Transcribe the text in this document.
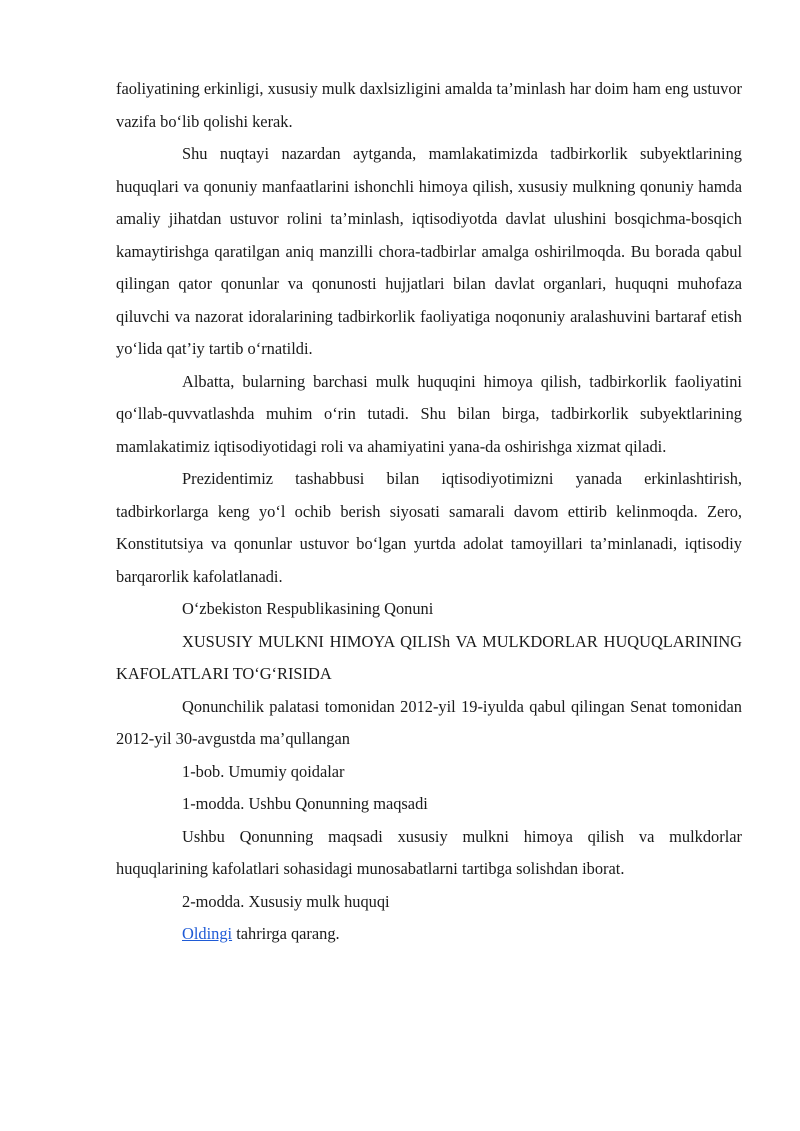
faoliyatining erkinligi, xususiy mulk daxlsizligini amalda ta’minlash har doim ham eng ustuvor vazifa bo‘lib qolishi kerak.

Shu nuqtayi nazardan aytganda, mamlakatimizda tadbirkorlik subyektlarining huquqlari va qonuniy manfaatlarini ishonchli himoya qilish, xususiy mulkning qonuniy hamda amaliy jihatdan ustuvor rolini ta’minlash, iqtisodiyotda davlat ulushini bosqichma-bosqich kamaytirishga qaratilgan aniq manzilli chora-tadbirlar amalga oshirilmoqda. Bu borada qabul qilingan qator qonunlar va qonunosti hujjatlari bilan davlat organlari, huquqni muhofaza qiluvchi va nazorat idoralarining tadbirkorlik faoliyatiga noqonuniy aralashuvini bartaraf etish yo‘lida qat’iy tartib o‘rnatildi.

Albatta, bularning barchasi mulk huquqini himoya qilish, tadbirkorlik faoliyatini qo‘llab-quvvatlashda muhim o‘rin tutadi. Shu bilan birga, tadbirkorlik subyektlarining mamlakatimiz iqtisodiyotidagi roli va ahamiyatini yana-da oshirishga xizmat qiladi.

Prezidentimiz tashabbusi bilan iqtisodiyotimizni yanada erkinlashtirish, tadbirkorlarga keng yo‘l ochib berish siyosati samarali davom ettirib kelinmoqda. Zero, Konstitutsiya va qonunlar ustuvor bo‘lgan yurtda adolat tamoyillari ta’minlanadi, iqtisodiy barqarorlik kafolatlanadi.

O‘zbekiston Respublikasining Qonuni

XUSUSIY MULKNI HIMOYA QILISh VA MULKDORLAR HUQUQLARINING KAFOLATLARI TO‘G‘RISIDA

Qonunchilik palatasi tomonidan 2012-yil 19-iyulda qabul qilingan Senat tomonidan 2012-yil 30-avgustda ma’qullangan

1-bob. Umumiy qoidalar

1-modda. Ushbu Qonunning maqsadi

Ushbu Qonunning maqsadi xususiy mulkni himoya qilish va mulkdorlar huquqlarining kafolatlari sohasidagi munosabatlarni tartibga solishdan iborat.

2-modda. Xususiy mulk huquqi

Oldingi tahrirga qarang.
